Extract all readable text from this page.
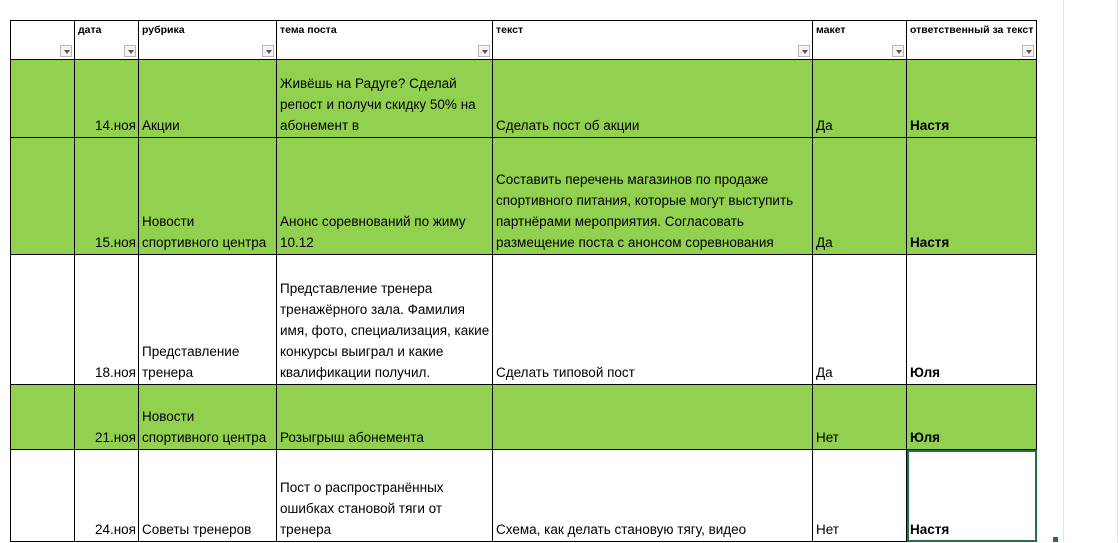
	дата	рубрика	тема поста	текст	макет	ответственный за текст

	14.ноя	Акции	Живёшь на Радуге? Сделай репост и получи скидку 50% на абонемент в	Сделать пост об акции	Да	Настя
	15.ноя	Новости спортивного центра	Анонс соревнований по жиму 10.12	Составить перечень магазинов по продаже спортивного питания, которые могут выступить партнёрами мероприятия. Согласовать размещение поста с анонсом соревнования	Да	Настя
	18.ноя	Представление тренера	Представление тренера тренажёрного зала. Фамилия имя, фото, специализация, какие конкурсы выиграл и какие квалификации получил.	Сделать типовой пост	Да	Юля
	21.ноя	Новости спортивного центра	Розыгрыш абонемента		Нет	Юля
	24.ноя	Советы тренеров	Пост о распространённых ошибках становой тяги от тренера	Схема, как делать становую тягу, видео	Нет	Настя
